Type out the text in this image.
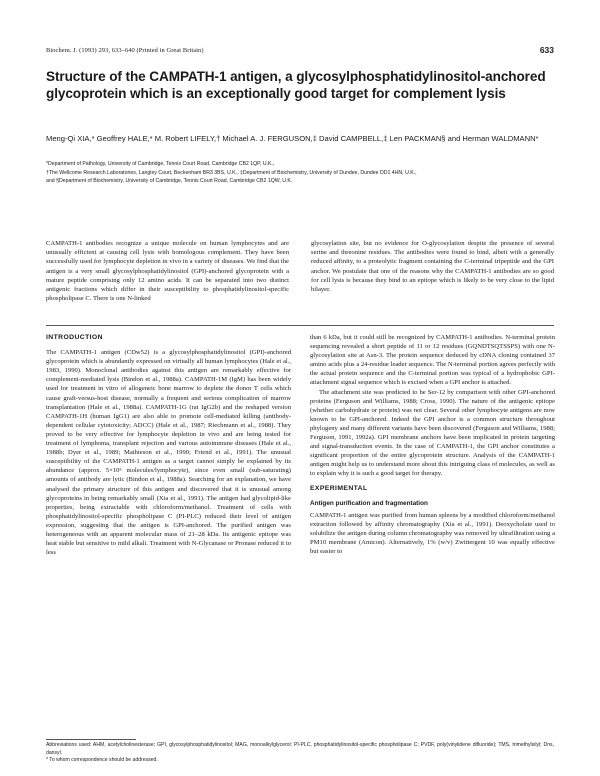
Biochem. J. (1993) 293, 633–640 (Printed in Great Britain)	633
Structure of the CAMPATH-1 antigen, a glycosylphosphatidylinositol-anchored glycoprotein which is an exceptionally good target for complement lysis
Meng-Qi XIA,* Geoffrey HALE,* M. Robert LIFELY,† Michael A. J. FERGUSON,‡ David CAMPBELL,‡ Len PACKMAN§ and Herman WALDMANN*
*Department of Pathology, University of Cambridge, Tennis Court Road, Cambridge CB2 1QP, U.K.,
†The Wellcome Research Laboratories, Langley Court, Beckenham BR3 3BS, U.K., ‡Department of Biochemistry, University of Dundee, Dundee DD1 4HN, U.K.,
and §Department of Biochemistry, University of Cambridge, Tennis Court Road, Cambridge CB2 1QW, U.K.

CAMPATH-1 antibodies recognize a unique molecule on human lymphocytes and are unusually efficient at causing cell lysis with homologous complement. They have been successfully used for lymphocyte depletion in vivo in a variety of diseases. We find that the antigen is a very small glycosylphosphatidylinositol (GPI)-anchored glycoprotein with a mature peptide comprising only 12 amino acids. It can be separated into two distinct antigenic fractions which differ in their susceptibility to phosphatidylinositol-specific phospholipase C. There is one N-linked

glycosylation site, but no evidence for O-glycosylation despite the presence of several serine and threonine residues. The antibodies were found to bind, albeit with a generally reduced affinity, to a proteolytic fragment containing the C-terminal tripeptide and the GPI anchor. We postulate that one of the reasons why the CAMPATH-1 antibodies are so good for cell lysis is because they bind to an epitope which is likely to be very close to the lipid bilayer.

INTRODUCTION

The CAMPATH-1 antigen (CDw52) is a glycosylphosphatidylinositol (GPI)-anchored glycoprotein which is abundantly expressed on virtually all human lymphocytes (Hale et al., 1983, 1990). Monoclonal antibodies against this antigen are remarkably effective for complement-mediated lysis (Bindon et al., 1988a). CAMPATH-1M (IgM) has been widely used for treatment in vitro of allogeneic bone marrow to deplete the donor T cells which cause graft-versus-host disease, normally a frequent and serious complication of marrow transplantation (Hale et al., 1988a). CAMPATH-1G (rat IgG2b) and the reshaped version CAMPATH-1H (human IgG1) are also able to promote cell-mediated killing (antibody-dependent cellular cytotoxicity; ADCC) (Hale et al., 1987; Riechmann et al., 1988). They proved to be very effective for lymphocyte depletion in vivo and are being tested for treatment of lymphoma, transplant rejection and various autoimmune diseases (Hale et al., 1988b; Dyer et al., 1989; Mathieson et al., 1990; Friend et al., 1991). The unusual susceptibility of the CAMPATH-1 antigen as a target cannot simply be explained by its abundance (approx. 5×10⁵ molecules/lymphocyte), since even small (sub-saturating) amounts of antibody are lytic (Bindon et al., 1988a). Searching for an explanation, we have analysed the primary structure of this antigen and discovered that it is unusual among glycoproteins in being remarkably small (Xia et al., 1991). The antigen had glycolipid-like properties, being extractable with chloroform/methanol. Treatment of cells with phosphatidylinositol-specific phospholipase C (PI-PLC) reduced their level of antigen expression, suggesting that the antigen is GPI-anchored. The purified antigen was heterogeneous with an apparent molecular mass of 21–28 kDa. Its antigenic epitope was heat stable but sensitive to mild alkali. Treatment with N-Glycanase or Pronase reduced it to less

than 6 kDa, but it could still be recognized by CAMPATH-1 antibodies. N-terminal protein sequencing revealed a short peptide of 11 or 12 residues (GQNDTSQTSSPS) with one N-glycosylation site at Asn-3. The protein sequence deduced by cDNA cloning contained 37 amino acids plus a 24-residue leader sequence. The N-terminal portion agrees perfectly with the actual protein sequence and the C-terminal portion was typical of a hydrophobic GPI-attachment signal sequence which is excised when a GPI anchor is attached.

The attachment site was predicted to be Ser-12 by comparison with other GPI-anchored proteins (Ferguson and Williams, 1988; Cross, 1990). The nature of the antigenic epitope (whether carbohydrate or protein) was not clear. Several other lymphocyte antigens are now known to be GPI-anchored. Indeed the GPI anchor is a common structure throughout phylogeny and many different variants have been discovered (Ferguson and Williams, 1988; Ferguson, 1991, 1992a). GPI membrane anchors have been implicated in protein targeting and signal-transduction events. In the case of CAMPATH-1, the GPI anchor constitutes a significant proportion of the entire glycoprotein structure. Analysis of the CAMPATH-1 antigen might help us to understand more about this intriguing class of molecules, as well as to explain why it is such a good target for therapy.

EXPERIMENTAL
Antigen purification and fragmentation

CAMPATH-1 antigen was purified from human spleens by a modified chloroform/methanol extraction followed by affinity chromatography (Xia et al., 1991). Deoxycholate used to solubilize the antigen during column chromatography was removed by ultrafiltration using a PM10 membrane (Amicon). Alternatively, 1% (w/v) Zwittergent 10 was equally effective but easier to

Abbreviations used: AHM, acetylcholinesterase; GPI, glycosylphosphatidylinositol; MAG, monoalkylglycerol; PI-PLC, phosphatidylinositol-specific phospholipase C; PVDF, poly(vinylidene difluoride); TMS, trimethylsilyl; Dns, dansyl.
* To whom correspondence should be addressed.
